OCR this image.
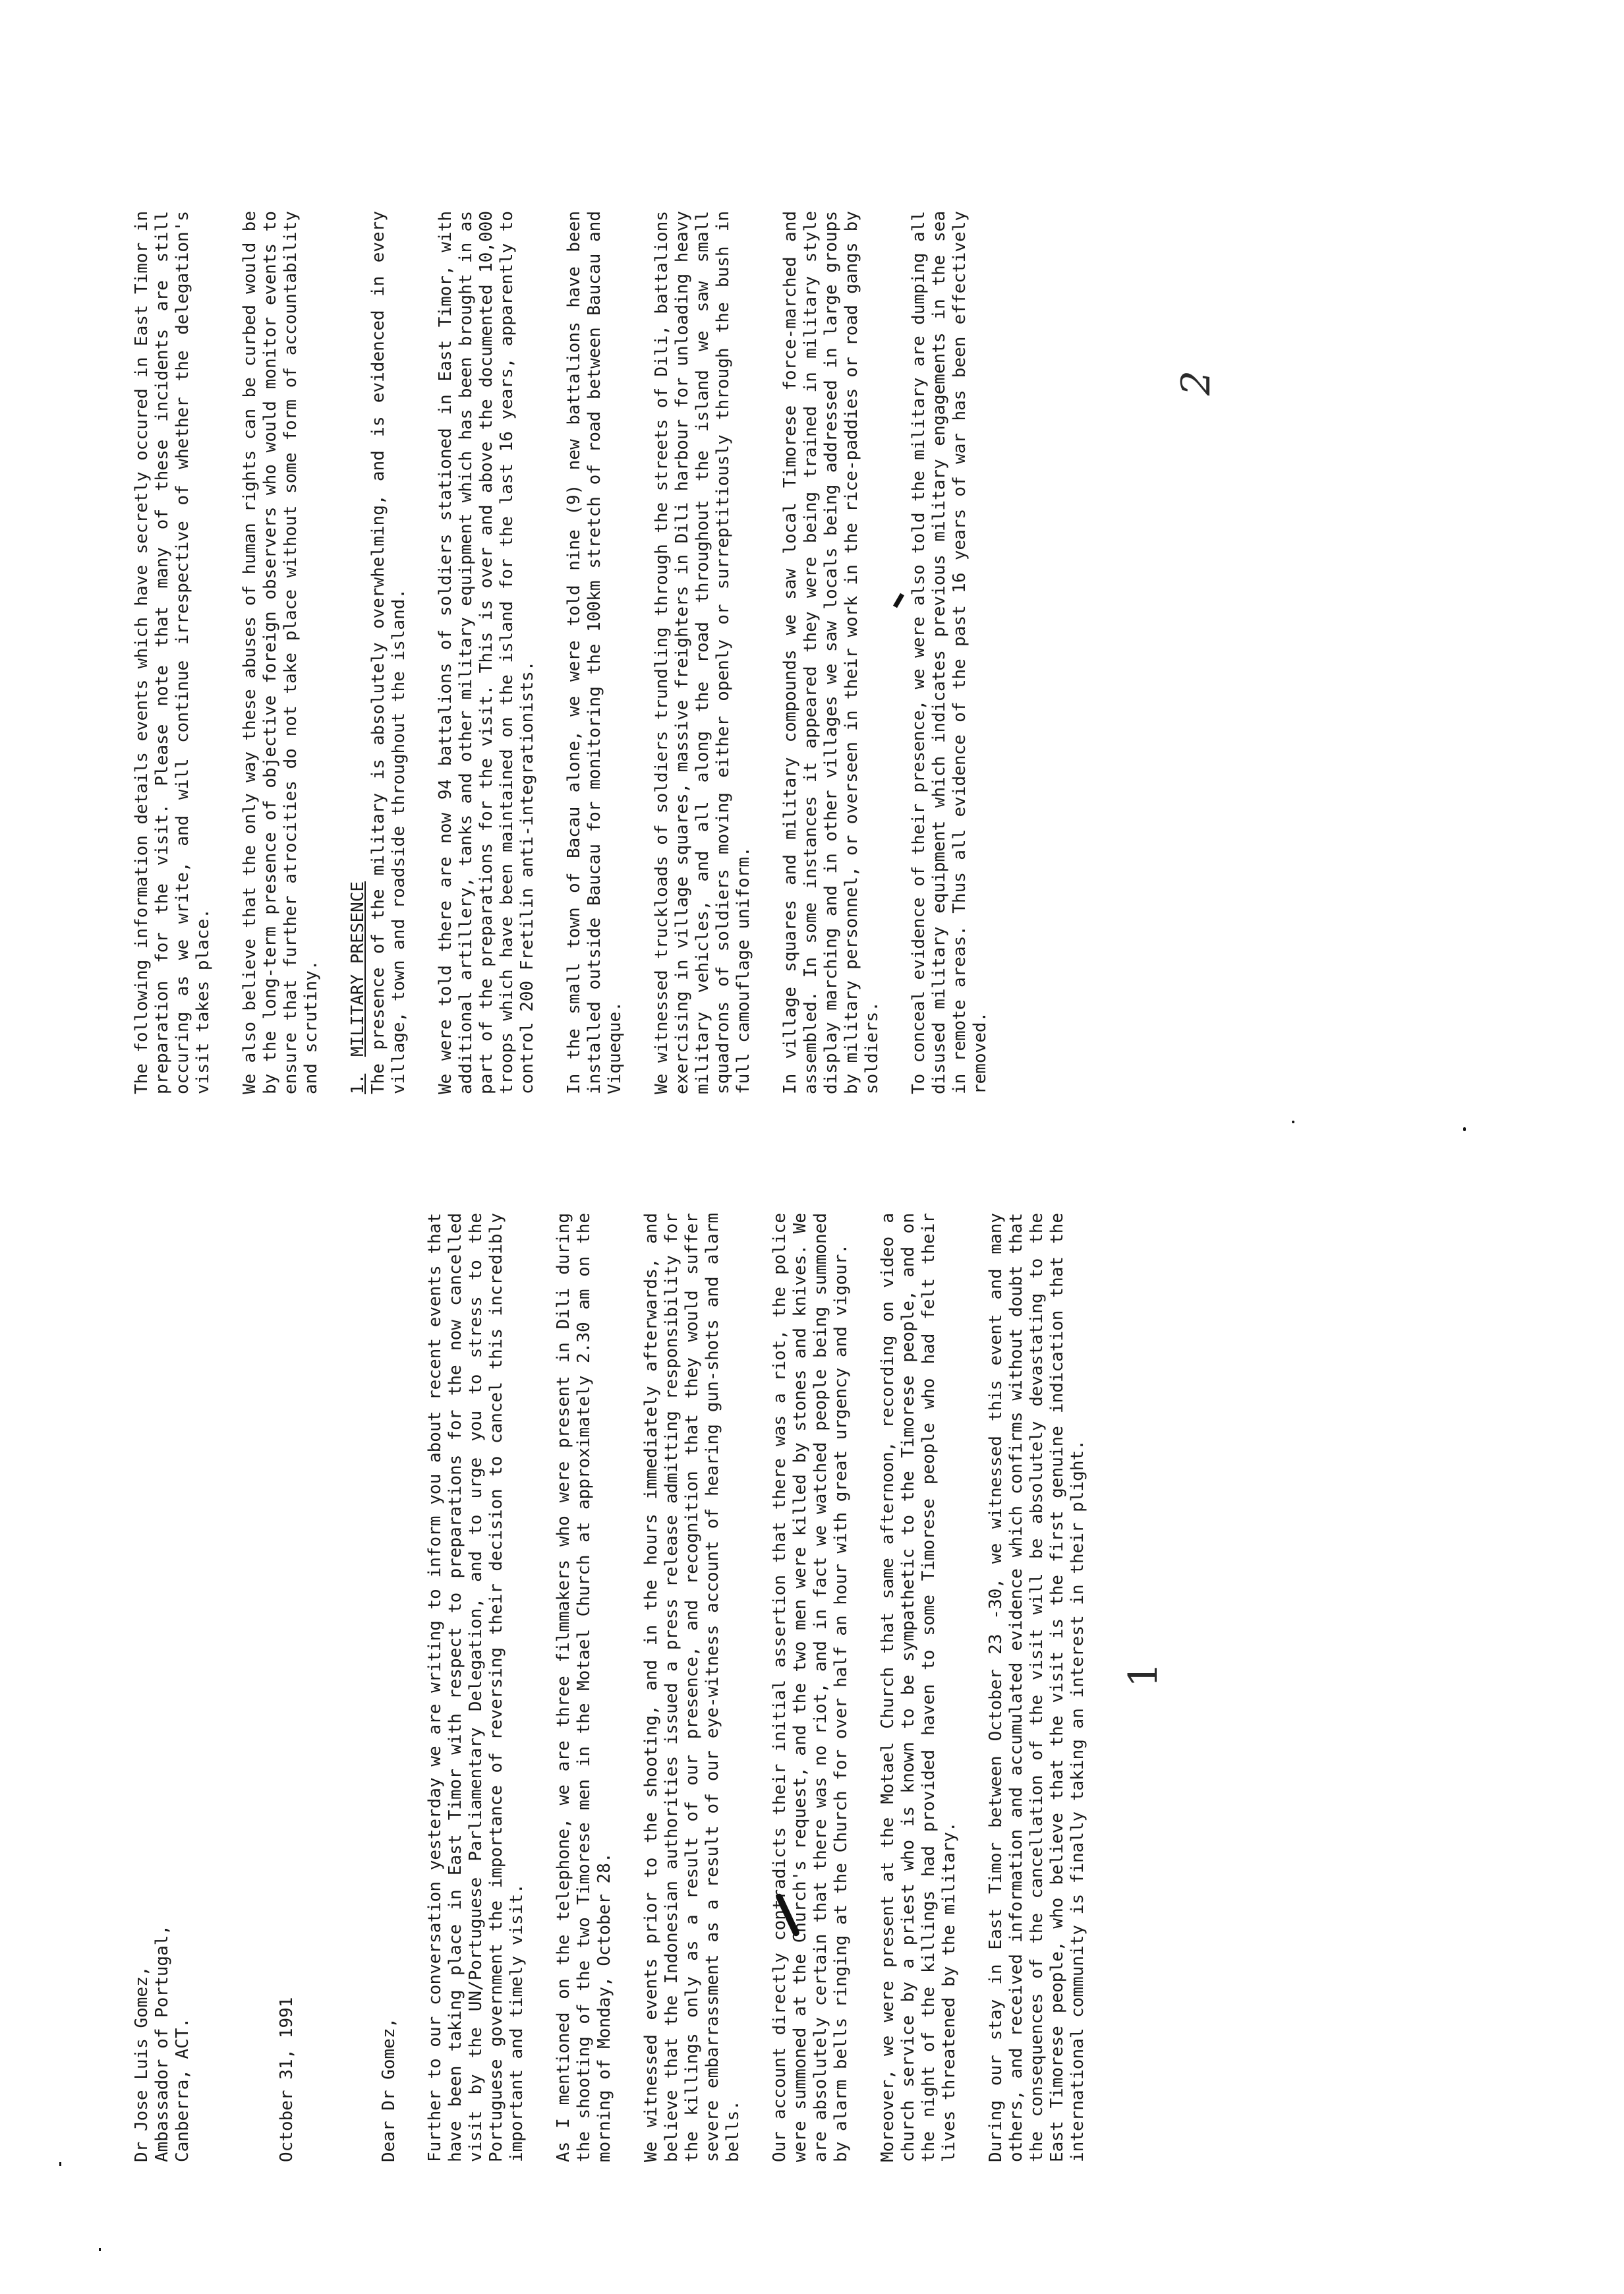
Dr Jose Luis Gomez, Ambassador of Portugal, Canberra, ACT.	October 31, 1991	Dear Dr Gomez, Further to our conversation yesterday we are writing to inform you about recent events that have been taking place in East Timor with respect to preparations for the now cancelled visit by the UN/Portuguese Parliamentary Delegation, and to urge you to stress to the Portuguese government the importance of reversing their decision to cancel this incredibly important and timely visit. As I mentioned on the telephone, we are three filmmakers who were present in Dili during the shooting of the two Timorese men in the Motael Church at approximately 2.30 am on the morning of Monday, October 28. We witnessed events prior to the shooting, and in the hours immediately afterwards, and believe that the Indonesian authorities issued a press release admitting responsibility for the killings only as a result of our presence, and recognition that they would suffer severe embarrassment as a result of our eye-witness account of hearing gun-shots and alarm bells. Our account directly contradicts their initial assertion that there was a riot, the police were summoned at the Church's request, and the two men were killed by stones and knives. We are absolutely certain that there was no riot, and in fact we watched people being summoned by alarm bells ringing at the Church for over half an hour with great urgency and vigour. Moreover, we were present at the Motael Church that same afternoon, recording on video a church service by a priest who is known to be sympathetic to the Timorese people, and on the night of the killings had provided haven to some Timorese people who had felt their lives threatened by the military. During our stay in East Timor between October 23 -30, we witnessed this event and many others, and received information and accumulated evidence which confirms without doubt that the consequences of the cancellation of the visit will be absolutely devastating to the East Timorese people, who believe that the visit is the first genuine indication that the international community is finally taking an interest in their plight.

The following information details events which have secretly occured in East Timor in preparation for the visit. Please note that many of these incidents are still occuring as we write, and will continue irrespective of whether the delegation's visit takes place. We also believe that the only way these abuses of human rights can be curbed would be by the long-term presence of objective foreign observers who would monitor events to ensure that further atrocities do not take place without some form of accountability and scrutiny. 1. MILITARY PRESENCE The presence of the military is absolutely overwhelming, and is evidenced in every village, town and roadside throughout the island. We were told there are now 94 battalions of soldiers stationed in East Timor, with additional artillery, tanks and other military equipment which has been brought in as part of the preparations for the visit. This is over and above the documented 10,000 troops which have been maintained on the island for the last 16 years, apparently to control 200 Fretilin anti-integrationists. In the small town of Bacau alone, we were told nine (9) new battalions have been installed outside Baucau for monitoring the 100km stretch of road between Baucau and Viqueque. We witnessed truckloads of soldiers trundling through the streets of Dili, battalions exercising in village squares, massive freighters in Dili harbour for unloading heavy military vehicles, and all along the road throughout the island we saw small squadrons of soldiers moving either openly or surreptitiously through the bush in full camouflage uniform. In village squares and military compounds we saw local Timorese force-marched and assembled. In some instances it appeared they were being trained in military style display marching and in other villages we saw locals being addressed in large groups by military personnel, or overseen in their work in the rice-paddies or road gangs by soldiers. To conceal evidence of their presence, we were also told the military are dumping all disused military equipment which indicates previous military engagements in the sea in remote areas. Thus all evidence of the past 16 years of war has been effectively removed.

1
2
